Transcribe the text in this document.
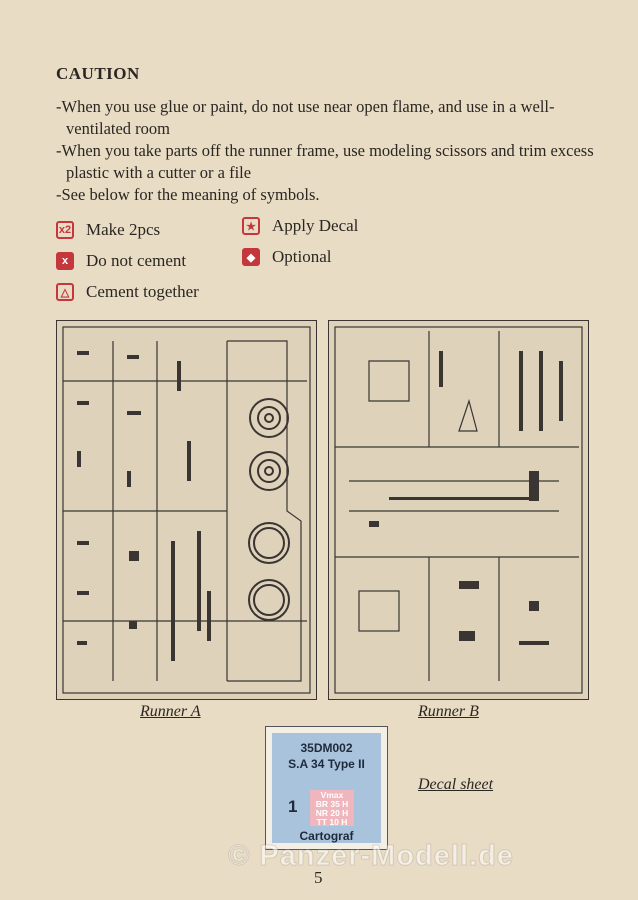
CAUTION
-When you use glue or paint, do not use near open flame, and use in a well-ventilated room
-When you take parts off the runner frame, use modeling scissors and trim excess plastic with a cutter or a file
-See below for the meaning of symbols.
x2 Make 2pcs
x	Do not cement
△ Cement together
★ Apply Decal
◆ Optional
Runner A	Runner B
35DM002
S.A 34 Type II
1
Vmax
BR 35 H
NR 20 H
TT 10 H
Cartograf
Decal sheet
© Panzer-Modell.de
5
